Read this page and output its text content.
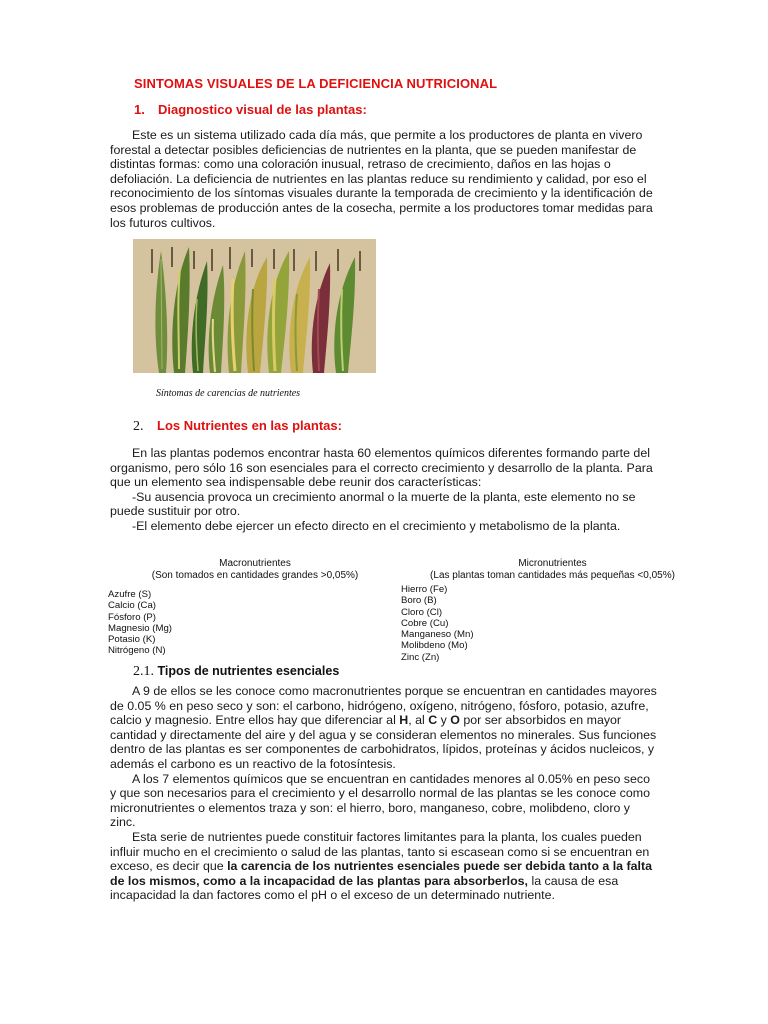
SINTOMAS VISUALES DE LA DEFICIENCIA NUTRICIONAL
1. Diagnostico visual de las plantas:

Este es un sistema utilizado cada día más, que permite a los productores de planta en vivero forestal a detectar posibles deficiencias de nutrientes en la planta, que se pueden manifestar de distintas formas: como una coloración inusual, retraso de crecimiento, daños en las hojas o defoliación. La deficiencia de nutrientes en las plantas reduce su rendimiento y calidad, por eso el reconocimiento de los síntomas visuales durante la temporada de crecimiento y la identificación de esos problemas de producción antes de la cosecha, permite a los productores tomar medidas para los futuros cultivos.

Síntomas de carencias de nutrientes
2. Los Nutrientes en las plantas:

En las plantas podemos encontrar hasta 60 elementos químicos diferentes formando parte del organismo, pero sólo 16 son esenciales para el correcto crecimiento y desarrollo de la planta. Para que un elemento sea indispensable debe reunir dos características:

-Su ausencia provoca un crecimiento anormal o la muerte de la planta, este elemento no se puede sustituir por otro.

-El elemento debe ejercer un efecto directo en el crecimiento y metabolismo de la planta.

Macronutrientes
(Son tomados en cantidades grandes >0,05%)
Azufre (S)
Calcio (Ca)
Fósforo (P)
Magnesio (Mg)
Potasio (K)
Nitrógeno (N)
Micronutrientes
(Las plantas toman cantidades más pequeñas <0,05%)
Hierro (Fe)
Boro (B)
Cloro (Cl)
Cobre (Cu)
Manganeso (Mn)
Molibdeno (Mo)
Zinc (Zn)
2.1. Tipos de nutrientes esenciales

A 9 de ellos se les conoce como macronutrientes porque se encuentran en cantidades mayores de 0.05 % en peso seco y son: el carbono, hidrógeno, oxígeno, nitrógeno, fósforo, potasio, azufre, calcio y magnesio. Entre ellos hay que diferenciar al H, al C y O por ser absorbidos en mayor cantidad y directamente del aire y del agua y se consideran elementos no minerales. Sus funciones dentro de las plantas es ser componentes de carbohidratos, lípidos, proteínas y ácidos nucleicos, y además el carbono es un reactivo de la fotosíntesis.

A los 7 elementos químicos que se encuentran en cantidades menores al 0.05% en peso seco y que son necesarios para el crecimiento y el desarrollo normal de las plantas se les conoce como micronutrientes o elementos traza y son: el hierro, boro, manganeso, cobre, molibdeno, cloro y zinc.

Esta serie de nutrientes puede constituir factores limitantes para la planta, los cuales pueden influir mucho en el crecimiento o salud de las plantas, tanto si escasean como si se encuentran en exceso, es decir que la carencia de los nutrientes esenciales puede ser debida tanto a la falta de los mismos, como a la incapacidad de las plantas para absorberlos, la causa de esa incapacidad la dan factores como el pH o el exceso de un determinado nutriente.
